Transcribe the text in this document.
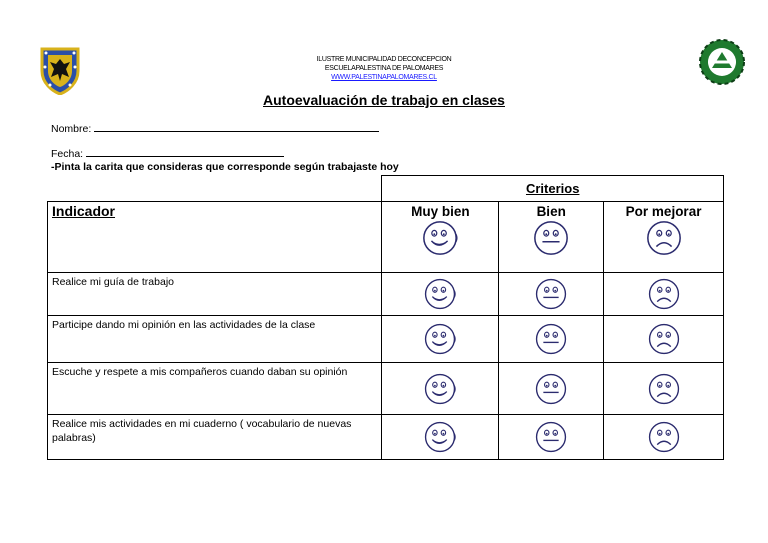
ILUSTRE MUNICIPALIDAD DECONCEPCION
ESCUELAPALESTINA DE PALOMARES
WWW.PALESTINAPALOMARES.CL
Autoevaluación de trabajo en clases
Nombre:
Fecha:
-Pinta la carita que consideras que corresponde según trabajaste hoy
	Criterios		
Indicador	Muy bien	Bien	Por mejorar

Realice mi guía de trabajo	

Participe dando mi opinión en las actividades de la clase	

Escuche y respete a mis compañeros cuando daban su opinión	

Realice mis actividades en mi cuaderno ( vocabulario de nuevas palabras)	
